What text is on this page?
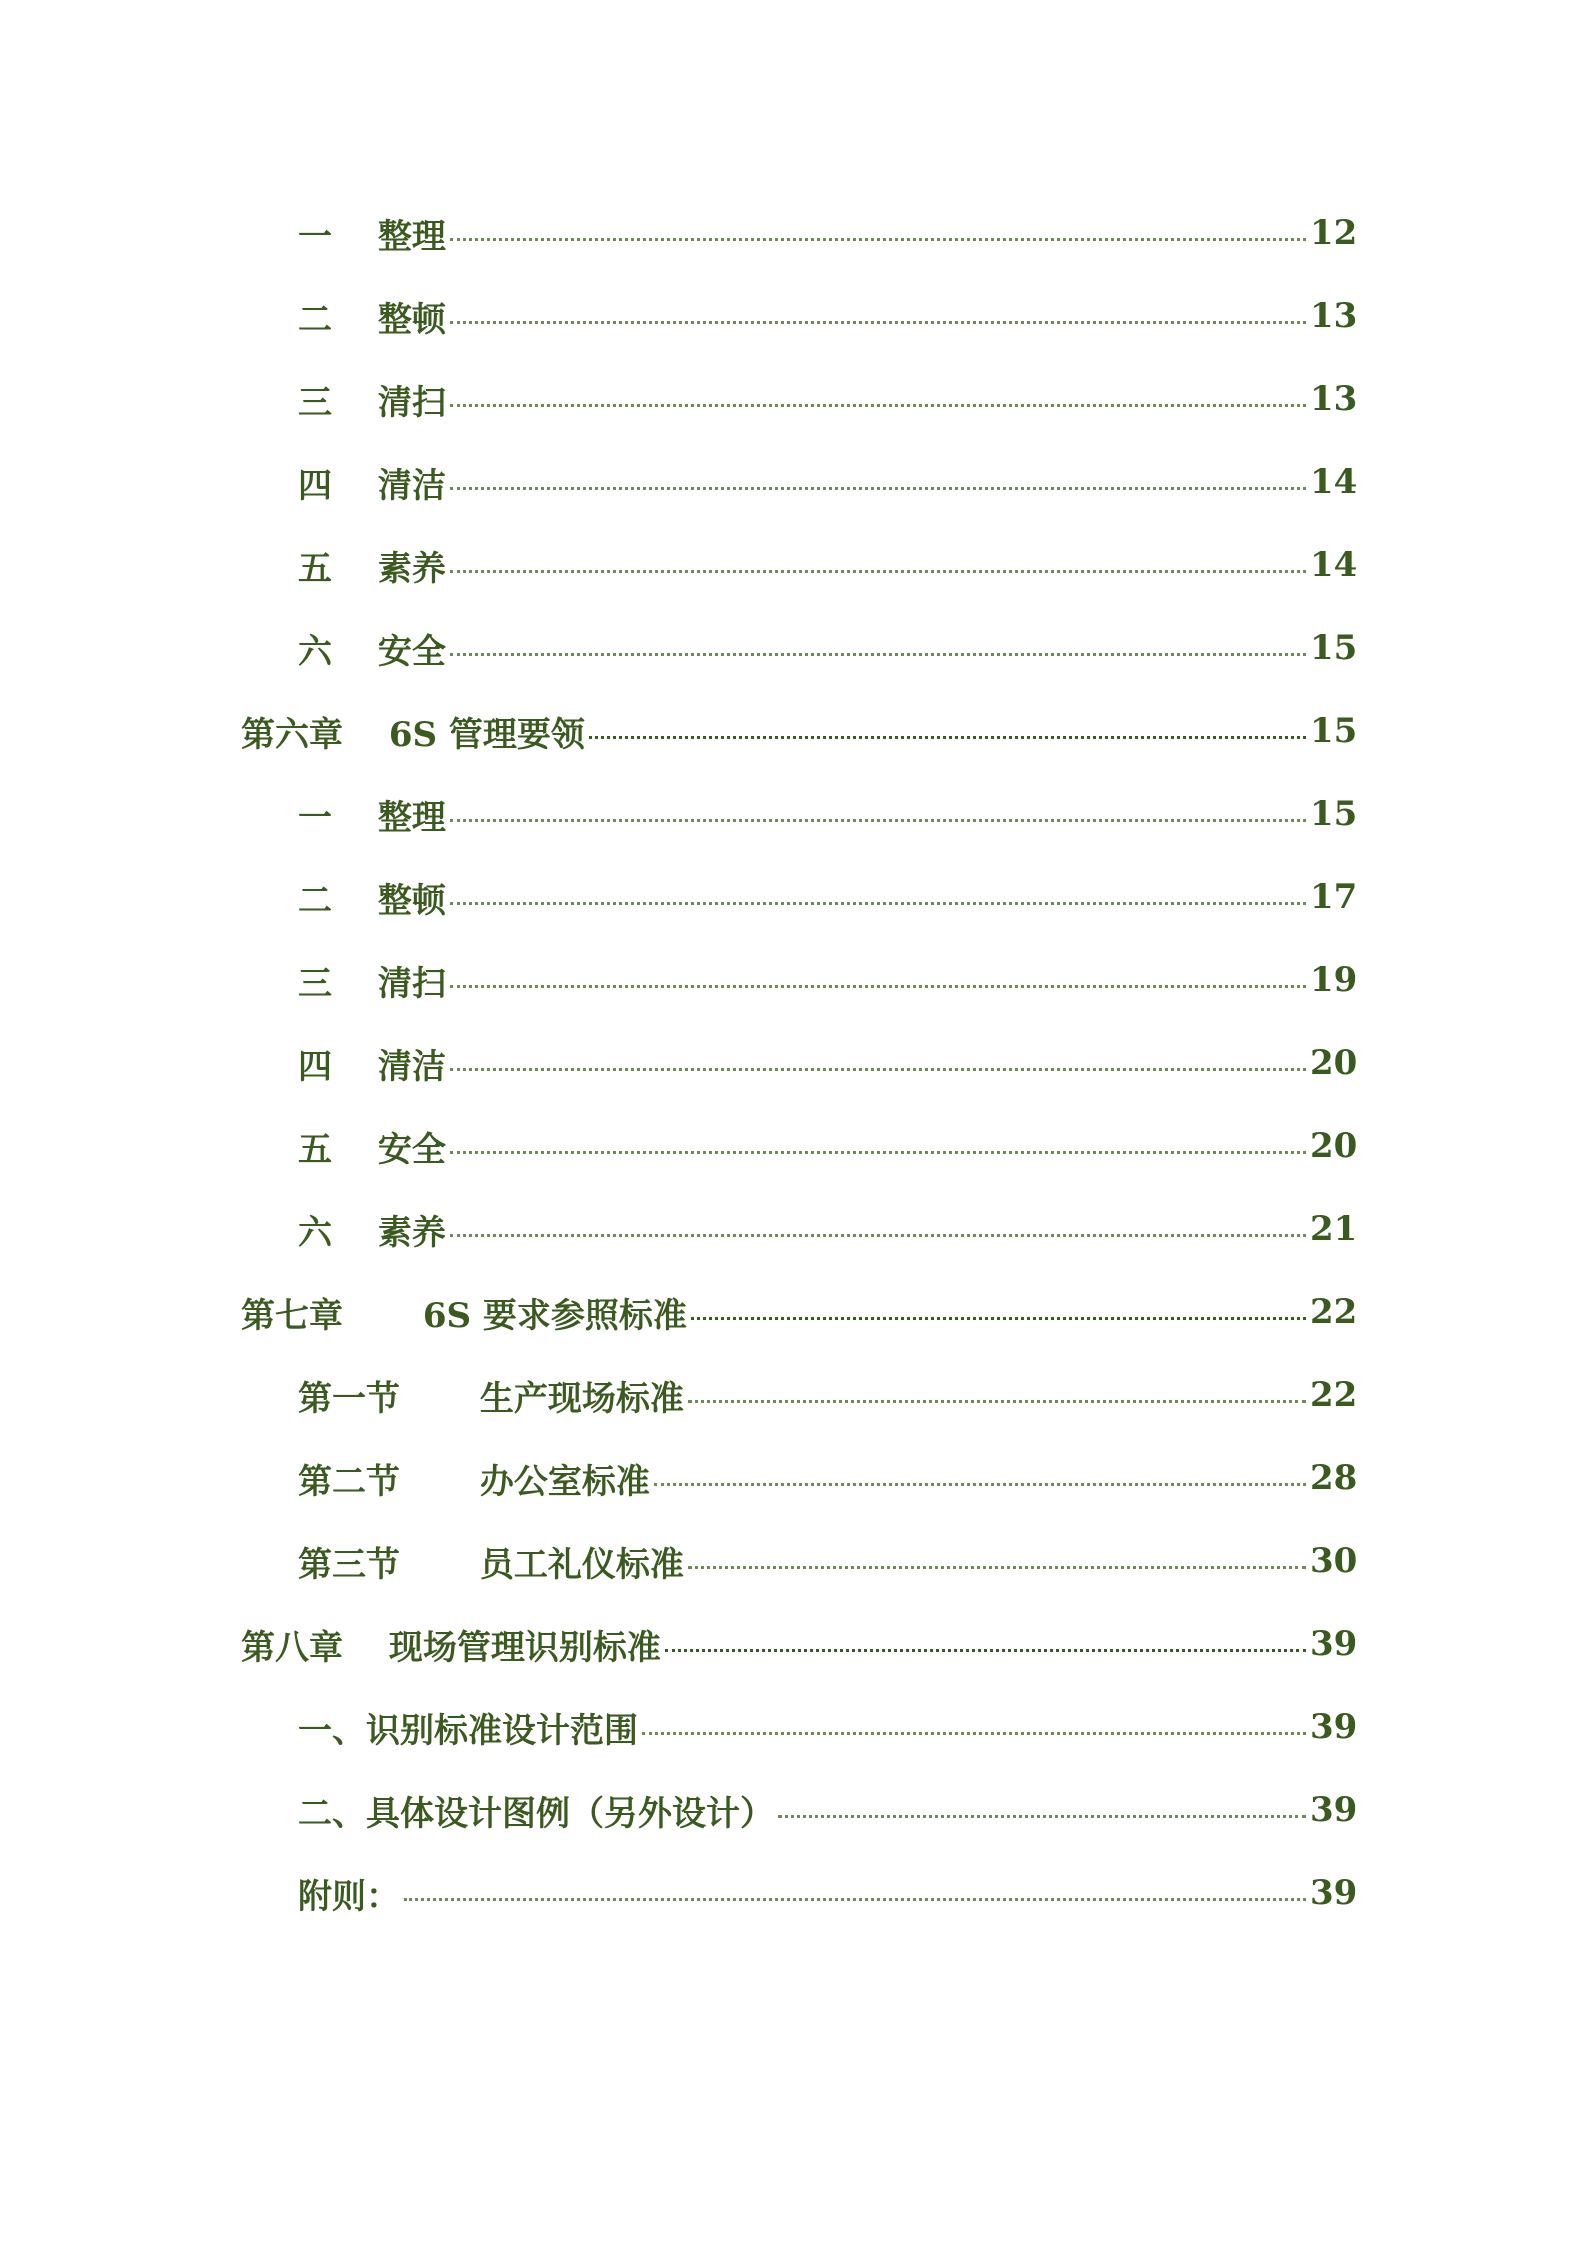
一　 整理	12
二　 整顿	13
三　 清扫	13
四　 清洁	14
五　 素养	14
六　 安全	15
第六章　 6S 管理要领	15
一　 整理	15
二　 整顿	17
三　 清扫	19
四　 清洁	20
五　 安全	20
六　 素养	21
第七章　　 6S 要求参照标准	22
第一节　　 生产现场标准	22
第二节　　 办公室标准	28
第三节　　 员工礼仪标准	30
第八章　 现场管理识别标准	39
一、识别标准设计范围	39
二、具体设计图例（另外设计）	39
附则：	39
